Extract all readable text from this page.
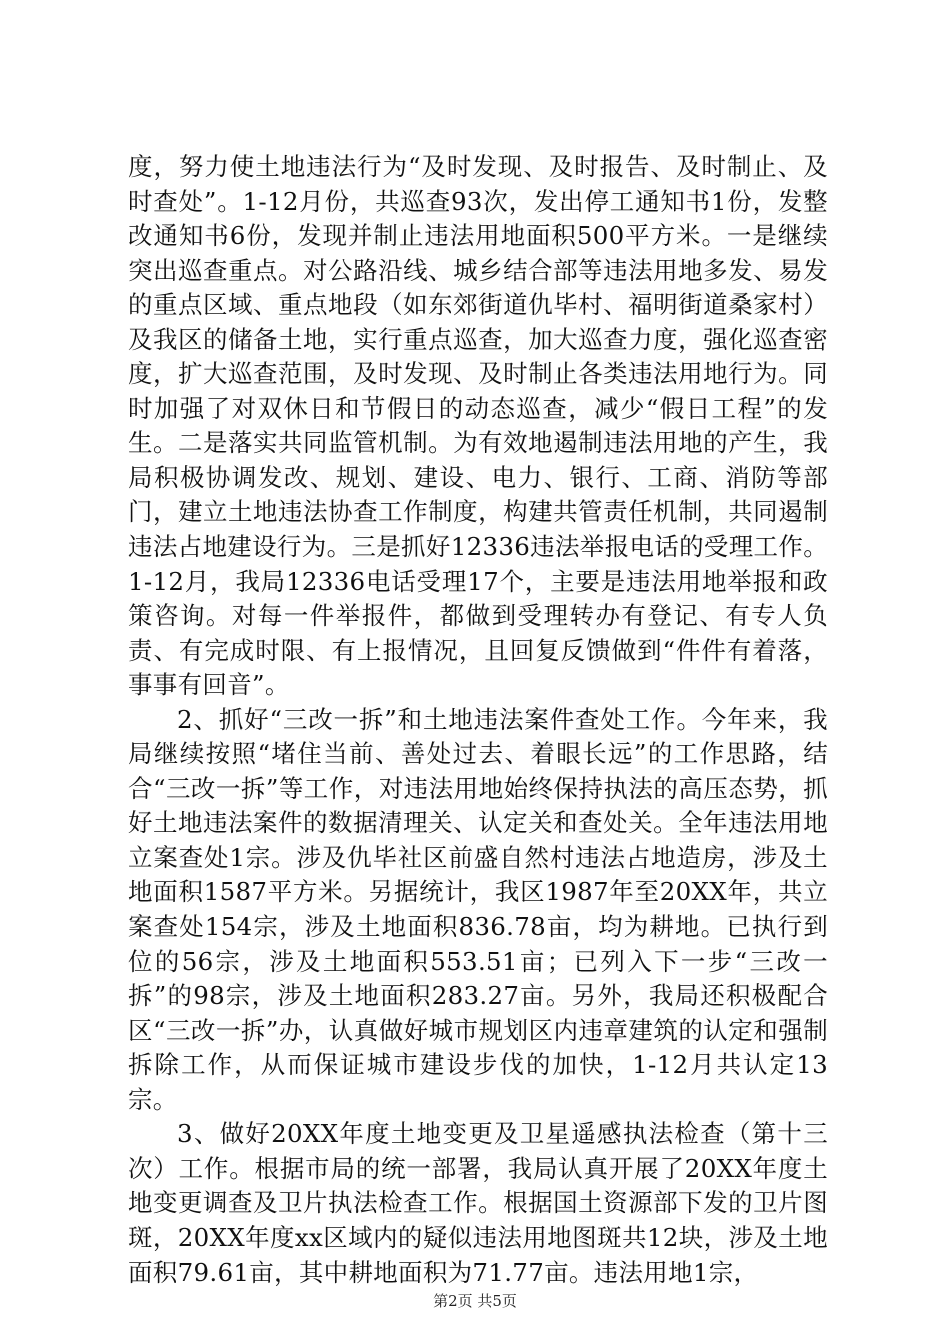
度，努力使土地违法行为“及时发现、及时报告、及时制止、及时查处”。1-12月份，共巡查93次，发出停工通知书1份，发整改通知书6份，发现并制止违法用地面积500平方米。一是继续突出巡查重点。对公路沿线、城乡结合部等违法用地多发、易发的重点区域、重点地段（如东郊街道仇毕村、福明街道桑家村）及我区的储备土地，实行重点巡查，加大巡查力度，强化巡查密度，扩大巡查范围，及时发现、及时制止各类违法用地行为。同时加强了对双休日和节假日的动态巡查，减少“假日工程”的发生。二是落实共同监管机制。为有效地遏制违法用地的产生，我局积极协调发改、规划、建设、电力、银行、工商、消防等部门，建立土地违法协查工作制度，构建共管责任机制，共同遏制违法占地建设行为。三是抓好12336违法举报电话的受理工作。1-12月，我局12336电话受理17个，主要是违法用地举报和政策咨询。对每一件举报件，都做到受理转办有登记、有专人负责、有完成时限、有上报情况，且回复反馈做到“件件有着落，事事有回音”。

2、抓好“三改一拆”和土地违法案件查处工作。今年来，我局继续按照“堵住当前、善处过去、着眼长远”的工作思路，结合“三改一拆”等工作，对违法用地始终保持执法的高压态势，抓好土地违法案件的数据清理关、认定关和查处关。全年违法用地立案查处1宗。涉及仇毕社区前盛自然村违法占地造房，涉及土地面积1587平方米。另据统计，我区1987年至20XX年，共立案查处154宗，涉及土地面积836.78亩，均为耕地。已执行到位的56宗，涉及土地面积553.51亩；已列入下一步“三改一拆”的98宗，涉及土地面积283.27亩。另外，我局还积极配合区“三改一拆”办，认真做好城市规划区内违章建筑的认定和强制拆除工作，从而保证城市建设步伐的加快，1-12月共认定13宗。

3、做好20XX年度土地变更及卫星遥感执法检查（第十三次）工作。根据市局的统一部署，我局认真开展了20XX年度土地变更调查及卫片执法检查工作。根据国土资源部下发的卫片图斑，20XX年度xx区域内的疑似违法用地图斑共12块，涉及土地面积79.61亩，其中耕地面积为71.77亩。违法用地1宗，

第2页 共5页
